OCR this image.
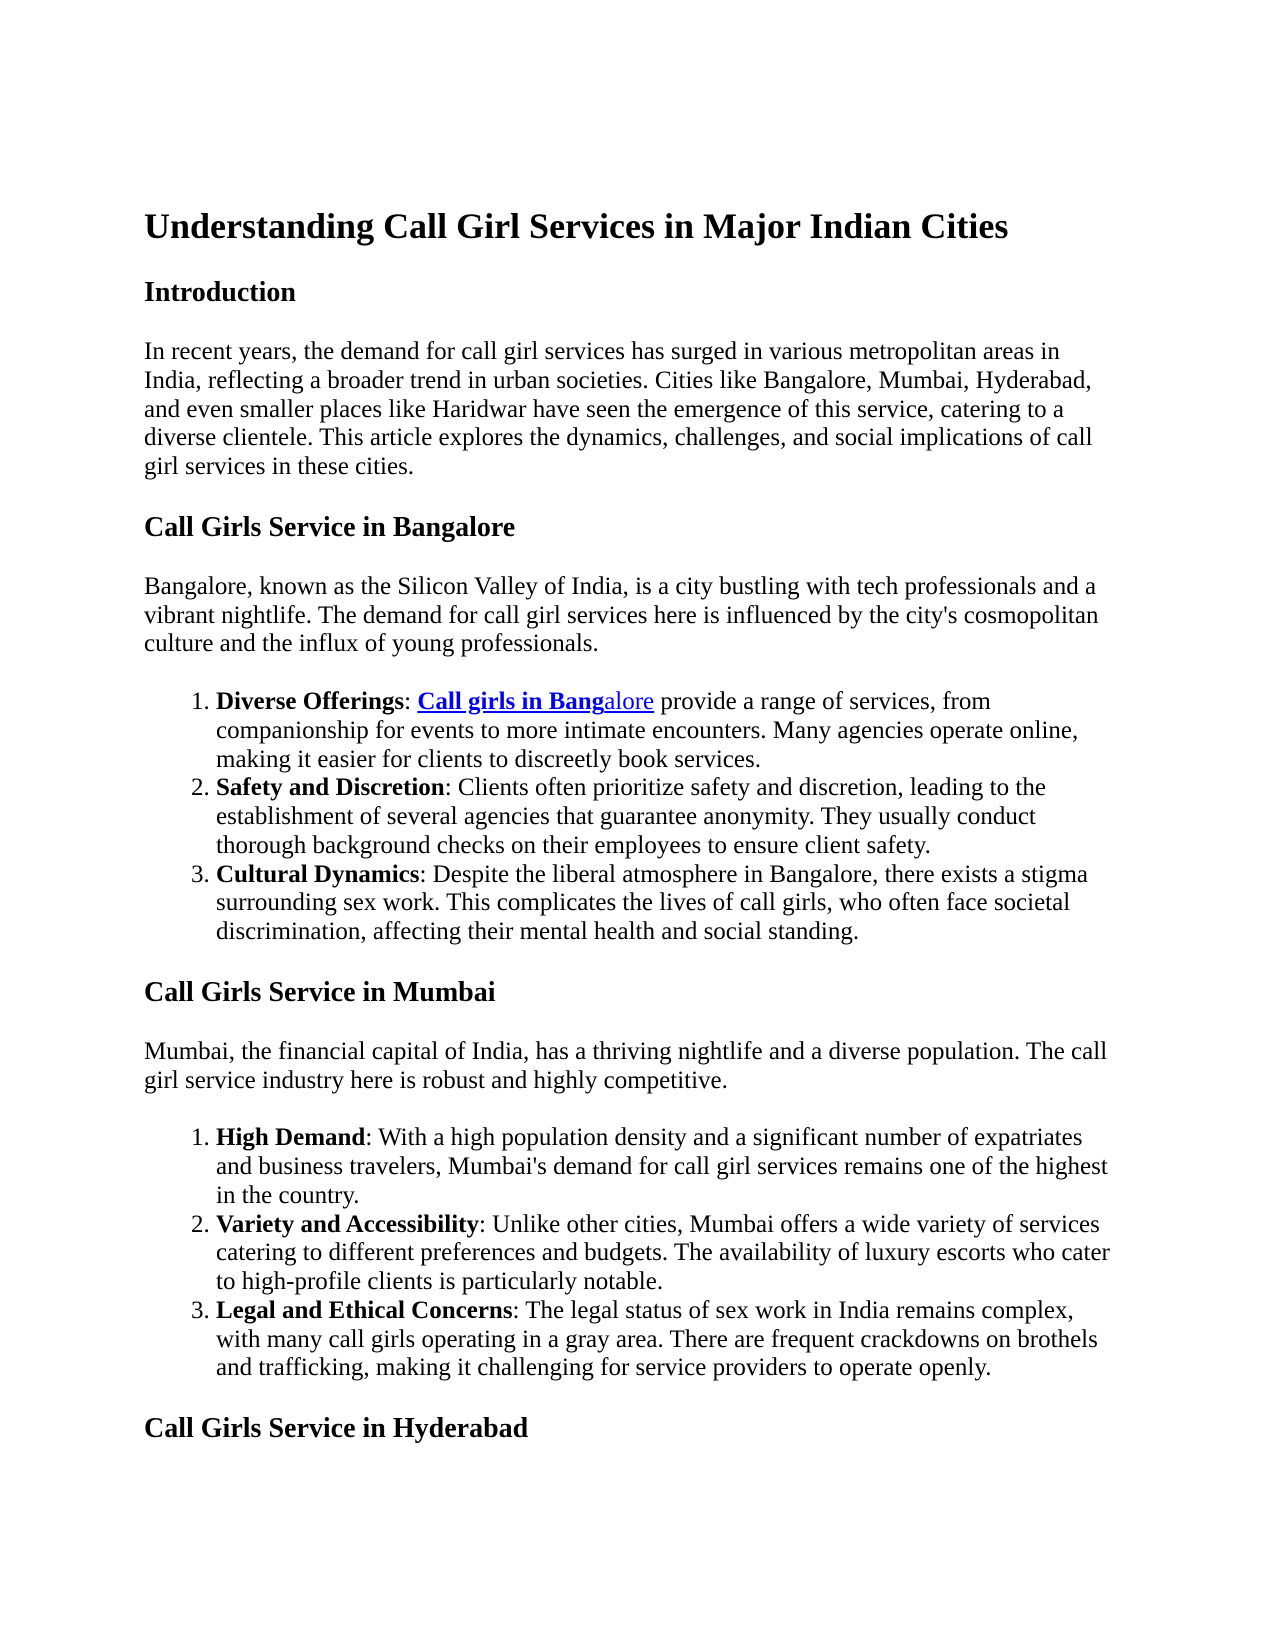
Understanding Call Girl Services in Major Indian Cities
Introduction

In recent years, the demand for call girl services has surged in various metropolitan areas in India, reflecting a broader trend in urban societies. Cities like Bangalore, Mumbai, Hyderabad, and even smaller places like Haridwar have seen the emergence of this service, catering to a diverse clientele. This article explores the dynamics, challenges, and social implications of call girl services in these cities.

Call Girls Service in Bangalore

Bangalore, known as the Silicon Valley of India, is a city bustling with tech professionals and a vibrant nightlife. The demand for call girl services here is influenced by the city's cosmopolitan culture and the influx of young professionals.

1. Diverse Offerings: Call girls in Bangalore provide a range of services, from companionship for events to more intimate encounters. Many agencies operate online, making it easier for clients to discreetly book services.
2. Safety and Discretion: Clients often prioritize safety and discretion, leading to the establishment of several agencies that guarantee anonymity. They usually conduct thorough background checks on their employees to ensure client safety.
3. Cultural Dynamics: Despite the liberal atmosphere in Bangalore, there exists a stigma surrounding sex work. This complicates the lives of call girls, who often face societal discrimination, affecting their mental health and social standing.
Call Girls Service in Mumbai

Mumbai, the financial capital of India, has a thriving nightlife and a diverse population. The call girl service industry here is robust and highly competitive.

1. High Demand: With a high population density and a significant number of expatriates and business travelers, Mumbai's demand for call girl services remains one of the highest in the country.
2. Variety and Accessibility: Unlike other cities, Mumbai offers a wide variety of services catering to different preferences and budgets. The availability of luxury escorts who cater to high-profile clients is particularly notable.
3. Legal and Ethical Concerns: The legal status of sex work in India remains complex, with many call girls operating in a gray area. There are frequent crackdowns on brothels and trafficking, making it challenging for service providers to operate openly.
Call Girls Service in Hyderabad
